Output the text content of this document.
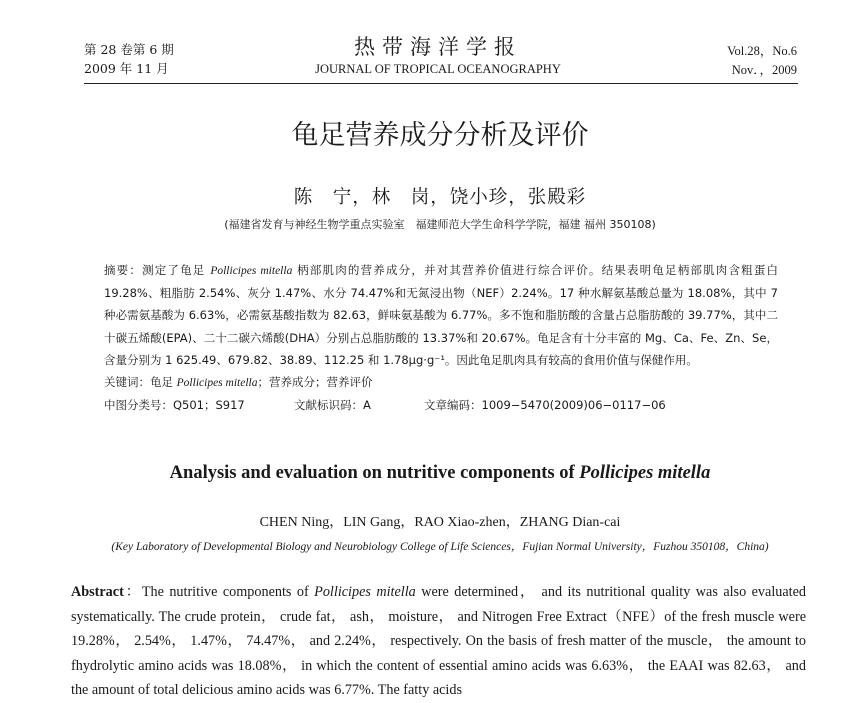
第 28 卷第 6 期
2009 年 11 月
热带海洋学报
JOURNAL OF TROPICAL OCEANOGRAPHY
Vol.28，No.6
Nov．，2009
龟足营养成分分析及评价
陈　宁，林　岗，饶小珍，张殿彩
(福建省发育与神经生物学重点实验室　福建师范大学生命科学学院，福建 福州 350108)

摘要：测定了龟足 Pollicipes mitella 柄部肌肉的营养成分，并对其营养价值进行综合评价。结果表明龟足柄部肌肉含粗蛋白 19.28%、粗脂肪 2.54%、灰分 1.47%、水分 74.47%和无氮浸出物（NEF）2.24%。17 种水解氨基酸总量为 18.08%，其中 7 种必需氨基酸为 6.63%，必需氨基酸指数为 82.63，鲜味氨基酸为 6.77%。多不饱和脂肪酸的含量占总脂肪酸的 39.77%，其中二十碳五烯酸(EPA)、二十二碳六烯酸(DHA）分别占总脂肪酸的 13.37%和 20.67%。龟足含有十分丰富的 Mg、Ca、Fe、Zn、Se，含量分别为 1 625.49、679.82、38.89、112.25 和 1.78μg·g⁻¹。因此龟足肌肉具有较高的食用价值与保健作用。

关键词：龟足 Pollicipes mitella；营养成分；营养评价

中图分类号：Q501；S917	文献标识码：A	文章编码：1009−5470(2009)06−0117−06

Analysis and evaluation on nutritive components of Pollicipes mitella
CHEN Ning，LIN Gang，RAO Xiao-zhen，ZHANG Dian-cai
(Key Laboratory of Developmental Biology and Neurobiology College of Life Sciences，Fujian Normal University，Fuzhou 350108，China)
Abstract：The nutritive components of Pollicipes mitella were determined， and its nutritional quality was also evaluated systematically. The crude protein， crude fat， ash， moisture， and Nitrogen Free Extract（NFE）of the fresh muscle were 19.28%， 2.54%， 1.47%， 74.47%， and 2.24%， respectively. On the basis of fresh matter of the muscle， the amount to fhydrolytic amino acids was 18.08%， in which the content of essential amino acids was 6.63%， the EAAI was 82.63， and the amount of total delicious amino acids was 6.77%. The fatty acids
